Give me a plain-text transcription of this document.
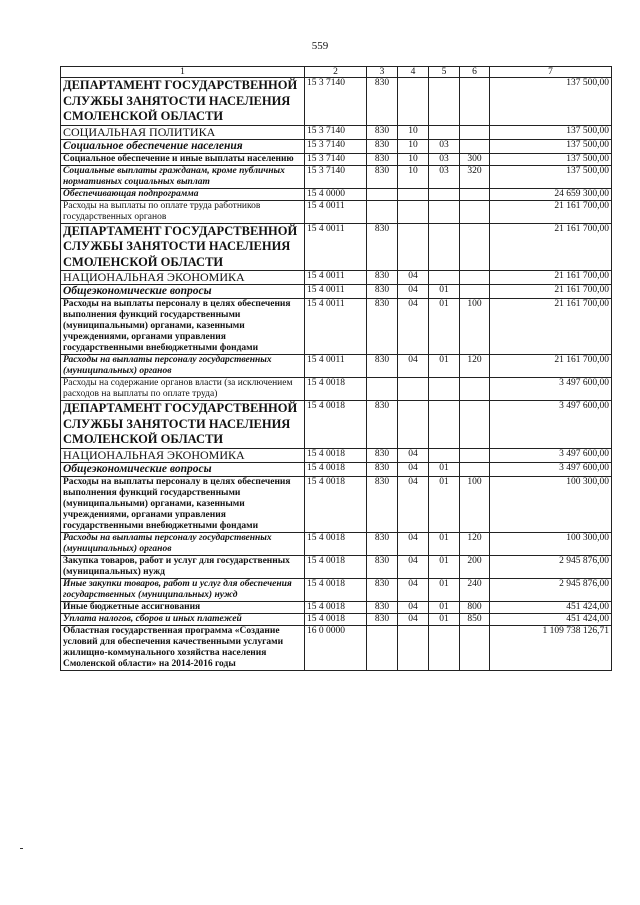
559
1	2	3	4	5	6	7
ДЕПАРТАМЕНТ ГОСУДАРСТВЕННОЙ СЛУЖБЫ ЗАНЯТОСТИ НАСЕЛЕНИЯ СМОЛЕНСКОЙ ОБЛАСТИ	15 3 7140	830				137 500,00
СОЦИАЛЬНАЯ ПОЛИТИКА	15 3 7140	830	10			137 500,00
Социальное обеспечение населения	15 3 7140	830	10	03		137 500,00
Социальное обеспечение и иные выплаты населению	15 3 7140	830	10	03	300	137 500,00
Социальные выплаты гражданам, кроме публичных нормативных социальных выплат	15 3 7140	830	10	03	320	137 500,00
Обеспечивающая подпрограмма	15 4 0000					24 659 300,00
Расходы на выплаты по оплате труда работников государственных органов	15 4 0011					21 161 700,00
ДЕПАРТАМЕНТ ГОСУДАРСТВЕННОЙ СЛУЖБЫ ЗАНЯТОСТИ НАСЕЛЕНИЯ СМОЛЕНСКОЙ ОБЛАСТИ	15 4 0011	830				21 161 700,00
НАЦИОНАЛЬНАЯ ЭКОНОМИКА	15 4 0011	830	04			21 161 700,00
Общеэкономические вопросы	15 4 0011	830	04	01		21 161 700,00
Расходы на выплаты персоналу в целях обеспечения выполнения функций государственными (муниципальными) органами, казенными учреждениями, органами управления государственными внебюджетными фондами	15 4 0011	830	04	01	100	21 161 700,00
Расходы на выплаты персоналу государственных (муниципальных) органов	15 4 0011	830	04	01	120	21 161 700,00
Расходы на содержание органов власти (за исключением расходов на выплаты по оплате труда)	15 4 0018					3 497 600,00
ДЕПАРТАМЕНТ ГОСУДАРСТВЕННОЙ СЛУЖБЫ ЗАНЯТОСТИ НАСЕЛЕНИЯ СМОЛЕНСКОЙ ОБЛАСТИ	15 4 0018	830				3 497 600,00
НАЦИОНАЛЬНАЯ ЭКОНОМИКА	15 4 0018	830	04			3 497 600,00
Общеэкономические вопросы	15 4 0018	830	04	01		3 497 600,00
Расходы на выплаты персоналу в целях обеспечения выполнения функций государственными (муниципальными) органами, казенными учреждениями, органами управления государственными внебюджетными фондами	15 4 0018	830	04	01	100	100 300,00
Расходы на выплаты персоналу государственных (муниципальных) органов	15 4 0018	830	04	01	120	100 300,00
Закупка товаров, работ и услуг для государственных (муниципальных) нужд	15 4 0018	830	04	01	200	2 945 876,00
Иные закупки товаров, работ и услуг для обеспечения государственных (муниципальных) нужд	15 4 0018	830	04	01	240	2 945 876,00
Иные бюджетные ассигнования	15 4 0018	830	04	01	800	451 424,00
Уплата налогов, сборов и иных платежей	15 4 0018	830	04	01	850	451 424,00
Областная государственная программа «Создание условий для обеспечения качественными услугами жилищно-коммунального хозяйства населения Смоленской области» на 2014-2016 годы	16 0 0000					1 109 738 126,71
